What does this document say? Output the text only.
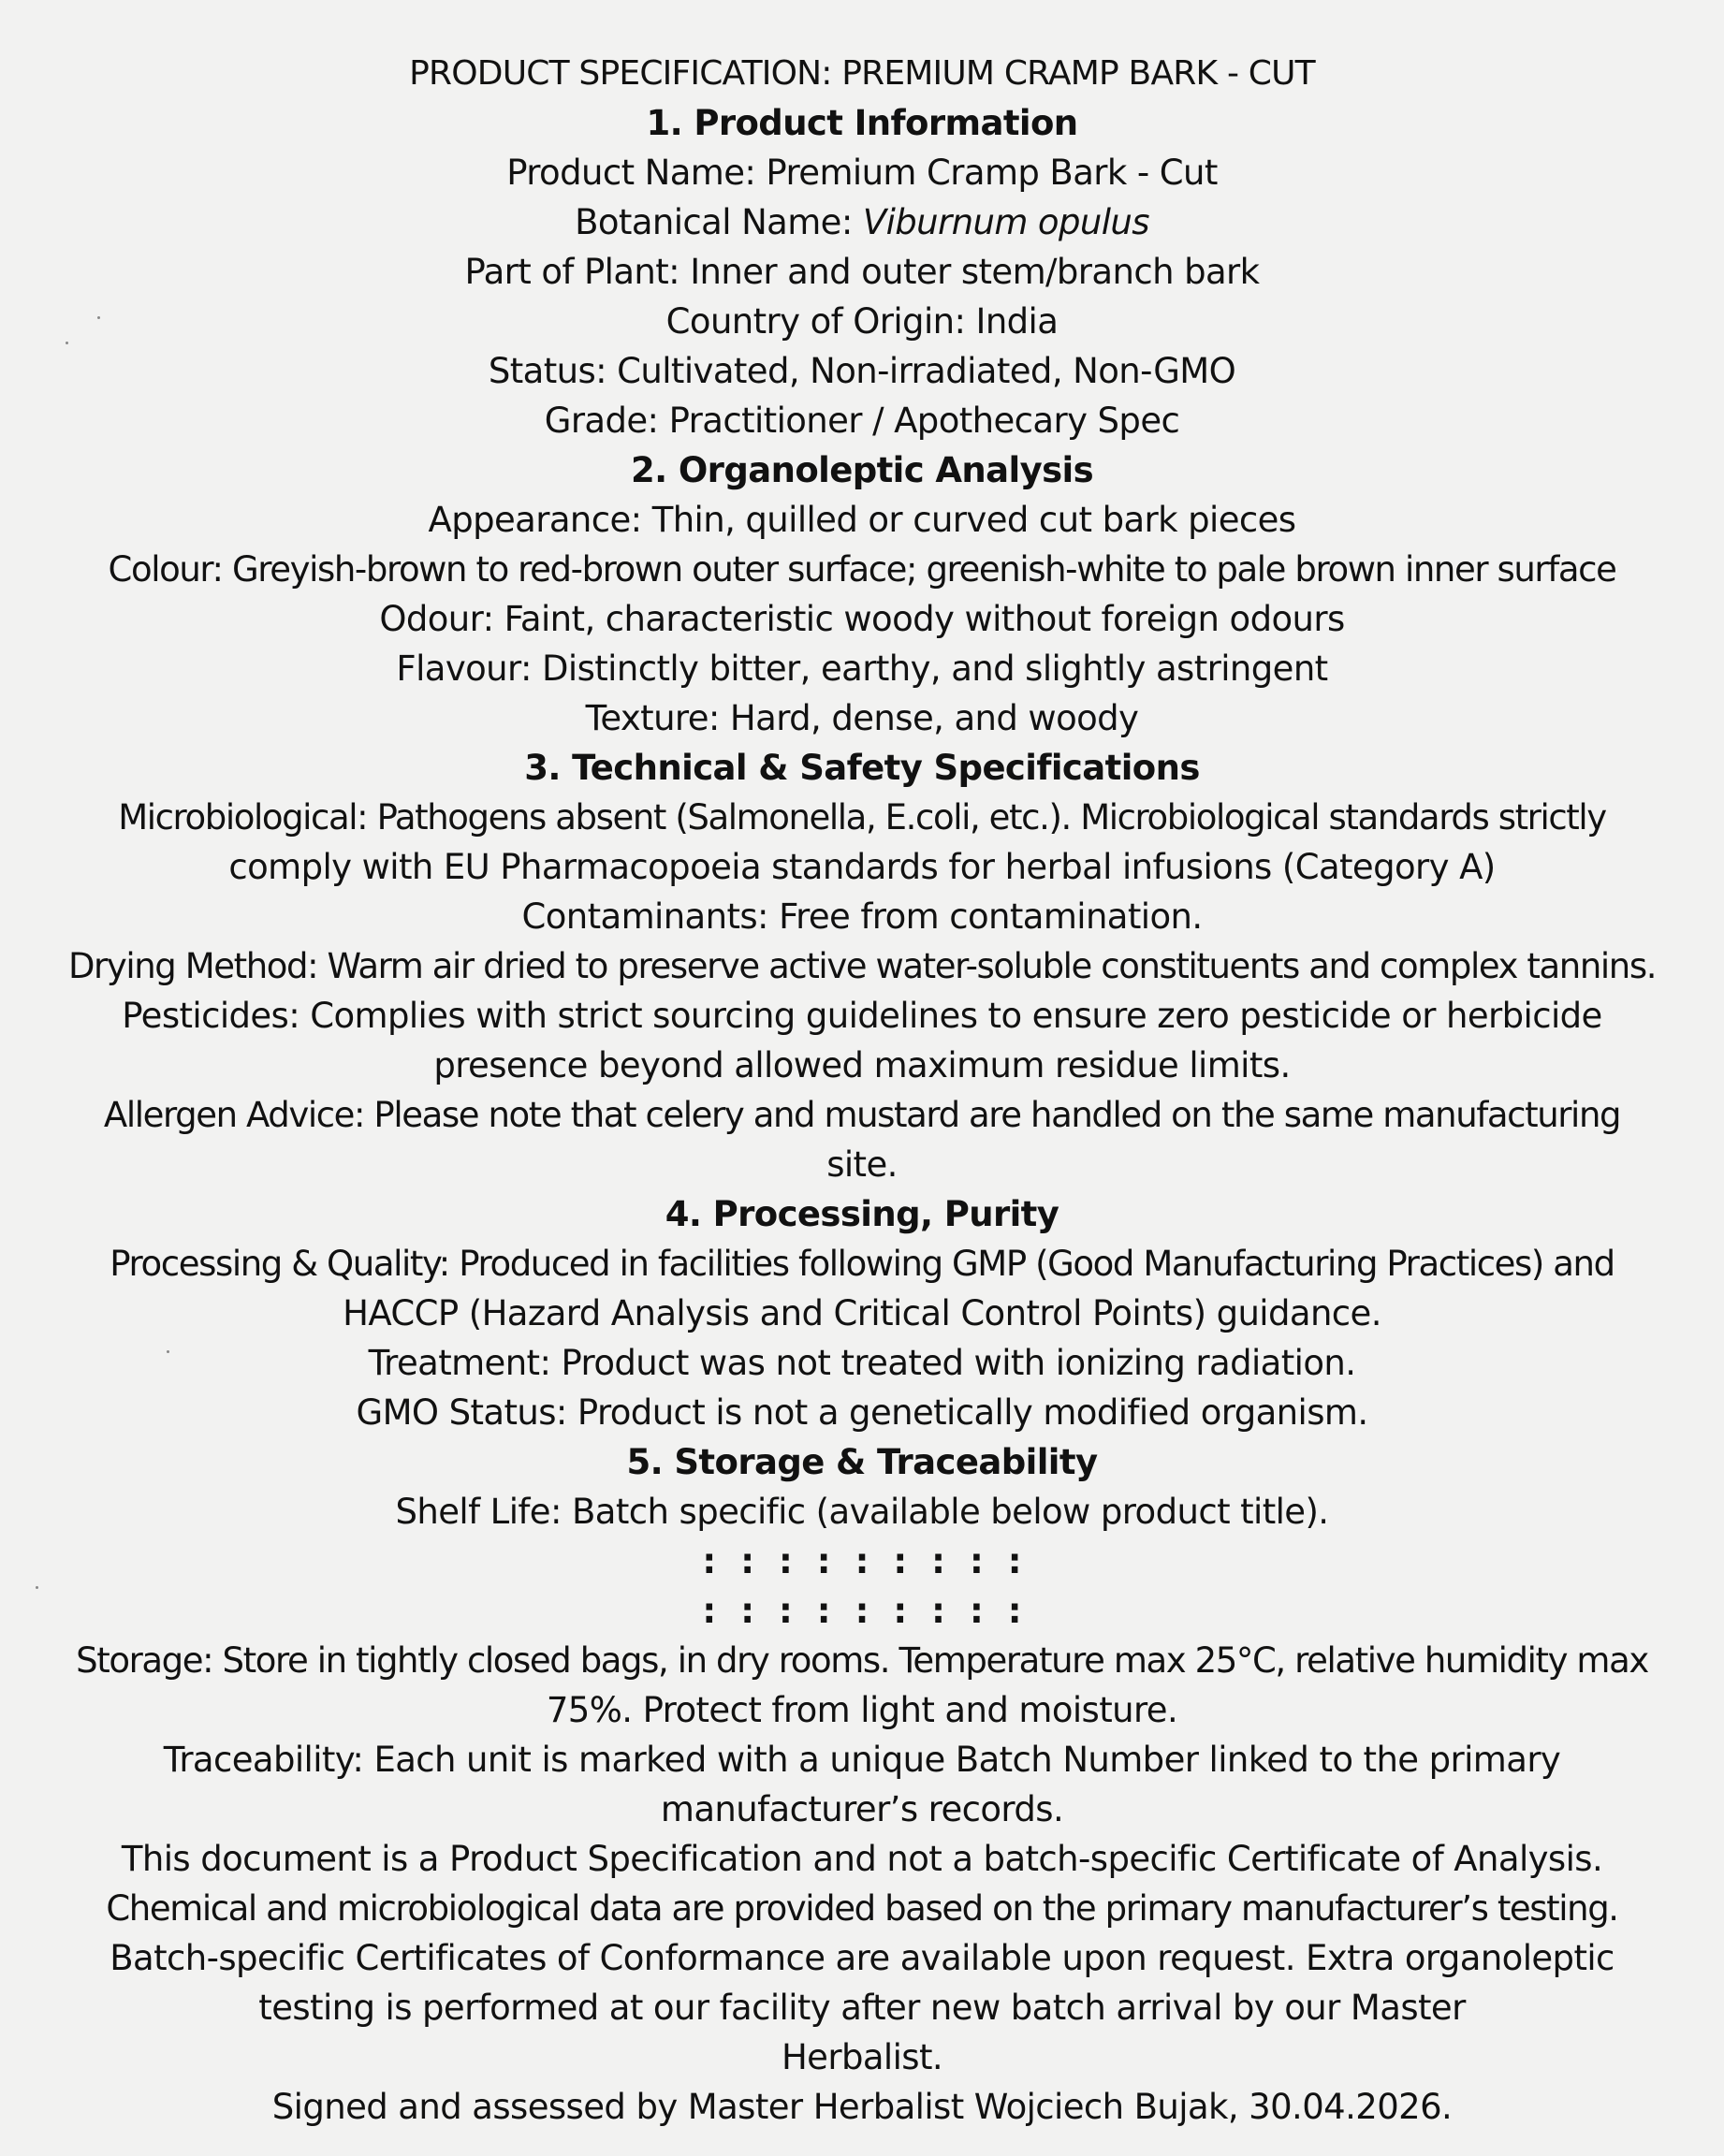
PRODUCT SPECIFICATION: PREMIUM CRAMP BARK - CUT
1. Product Information
Product Name: Premium Cramp Bark - Cut
Botanical Name: Viburnum opulus
Part of Plant: Inner and outer stem/branch bark
Country of Origin: India
Status: Cultivated, Non-irradiated, Non-GMO
Grade: Practitioner / Apothecary Spec
2. Organoleptic Analysis
Appearance: Thin, quilled or curved cut bark pieces
Colour: Greyish-brown to red-brown outer surface; greenish-white to pale brown inner surface
Odour: Faint, characteristic woody without foreign odours
Flavour: Distinctly bitter, earthy, and slightly astringent
Texture: Hard, dense, and woody
3. Technical & Safety Specifications
Microbiological: Pathogens absent (Salmonella, E.coli, etc.). Microbiological standards strictly
comply with EU Pharmacopoeia standards for herbal infusions (Category A)
Contaminants: Free from contamination.
Drying Method: Warm air dried to preserve active water-soluble constituents and complex tannins.
Pesticides: Complies with strict sourcing guidelines to ensure zero pesticide or herbicide
presence beyond allowed maximum residue limits.
Allergen Advice: Please note that celery and mustard are handled on the same manufacturing
site.
4. Processing, Purity
Processing & Quality: Produced in facilities following GMP (Good Manufacturing Practices) and
HACCP (Hazard Analysis and Critical Control Points) guidance.
Treatment: Product was not treated with ionizing radiation.
GMO Status: Product is not a genetically modified organism.
5. Storage & Traceability
Shelf Life: Batch specific (available below product title).
:::::::::
:::::::::
Storage: Store in tightly closed bags, in dry rooms. Temperature max 25°C, relative humidity max
75%. Protect from light and moisture.
Traceability: Each unit is marked with a unique Batch Number linked to the primary
manufacturer’s records.
This document is a Product Specification and not a batch-specific Certificate of Analysis.
Chemical and microbiological data are provided based on the primary manufacturer’s testing.
Batch-specific Certificates of Conformance are available upon request. Extra organoleptic
testing is performed at our facility after new batch arrival by our Master
Herbalist.
Signed and assessed by Master Herbalist Wojciech Bujak, 30.04.2026.
